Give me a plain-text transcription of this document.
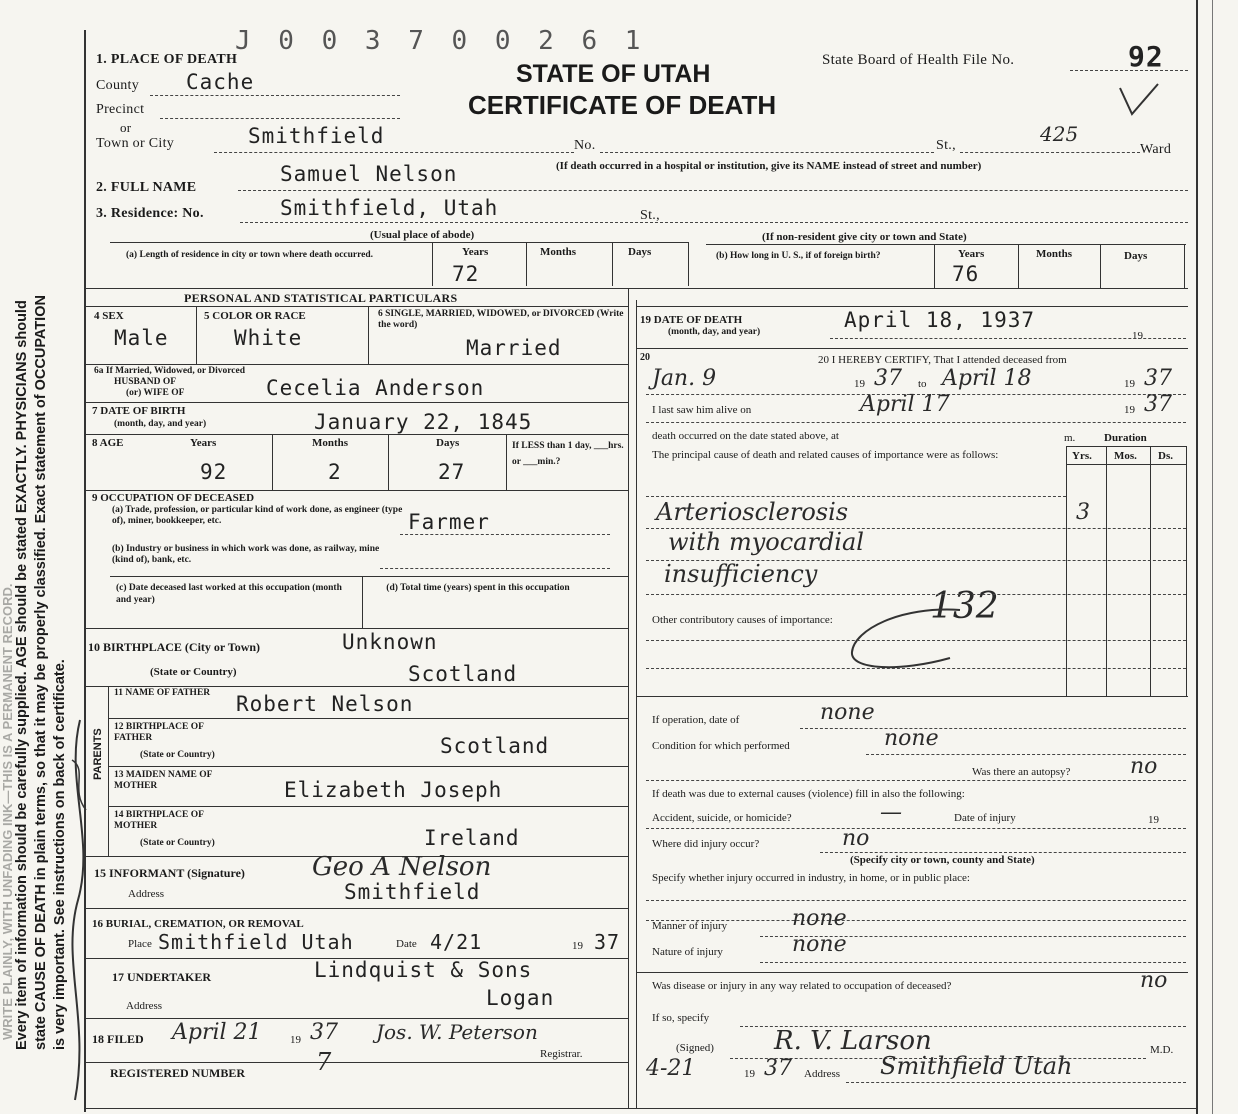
Every item of information should be carefully supplied. AGE should be stated EXACTLY. PHYSICIANS should state CAUSE OF DEATH in plain terms, so that it may be properly classified. Exact statement of OCCUPATION is very important. See instructions on back of certificate.
WRITE PLAINLY, WITH UNFADING INK—THIS IS A PERMANENT RECORD.
J 0 0 3 7 0 0 2 6 1
STATE OF UTAH
CERTIFICATE OF DEATH
State Board of Health File No.	92
425
1. PLACE OF DEATH
County Cache
Precinct
or
Town or City	Smithfield	No.	St.,	Ward
(If death occurred in a hospital or institution, give its NAME instead of street and number)
2. FULL NAME
Samuel Nelson
3. Residence: No.	Smithfield, Utah	St.,
(Usual place of abode)	(If non-resident give city or town and State)
(a) Length of residence in city or town where death occurred.	Years	Months	Days
72
(b) How long in U. S., if of foreign birth?	Years	Months	Days
76
PERSONAL AND STATISTICAL PARTICULARS
4 SEX
Male
5 COLOR OR RACE
White
6 SINGLE, MARRIED, WIDOWED, or DIVORCED (Write the word)
Married
6a If Married, Widowed, or Divorced
HUSBAND OF
(or) WIFE OF	Cecelia Anderson
7 DATE OF BIRTH
(month, day, and year)	January 22, 1845
8 AGE	Years	Months	Days
92	2	27
If LESS than 1 day, ___hrs. or ___min.?
9 OCCUPATION OF DECEASED
(a) Trade, profession, or particular kind of work done, as engineer (type of), miner, bookkeeper, etc.	Farmer
(b) Industry or business in which work was done, as railway, mine (kind of), bank, etc.
(c) Date deceased last worked at this occupation (month and year)
(d) Total time (years) spent in this occupation
10 BIRTHPLACE (City or Town)	Unknown
(State or Country)	Scotland
PARENTS
11 NAME OF FATHER Robert Nelson
12 BIRTHPLACE OF FATHER
(State or Country)	Scotland
13 MAIDEN NAME OF MOTHER	Elizabeth Joseph
14 BIRTHPLACE OF MOTHER
(State or Country)	Ireland
15 INFORMANT (Signature)	Geo A Nelson
Address	Smithfield
16 BURIAL, CREMATION, OR REMOVAL
Place Smithfield Utah	Date 4/21	19 37
17 UNDERTAKER	Lindquist & Sons
Address	Logan
18 FILED April 21	19 37 Jos. W. Peterson
Registrar.
REGISTERED NUMBER	7
19 DATE OF DEATH
(month, day, and year)	April 18, 1937
19
20	20 I HEREBY CERTIFY, That I attended deceased from
Jan. 9	19 37 to April 18	19 37
I last saw him alive on	April 17	19 37
death occurred on the date stated above, at	m.	Duration
The principal cause of death and related causes of importance were as follows:	Yrs. Mos. Ds.
Arteriosclerosis	3
with myocardial
insufficiency
132
Other contributory causes of importance:
If operation, date of	none
Condition for which performed	none
Was there an autopsy?	no
If death was due to external causes (violence) fill in also the following:
Accident, suicide, or homicide?	—	Date of injury	19
Where did injury occur?	no
(Specify city or town, county and State)
Specify whether injury occurred in industry, in home, or in public place:
Manner of injury	none
Nature of injury	none
Was disease or injury in any way related to occupation of deceased?	no
If so, specify
(Signed) R. V. Larson	M.D.
4-21	19 37 Address Smithfield Utah
